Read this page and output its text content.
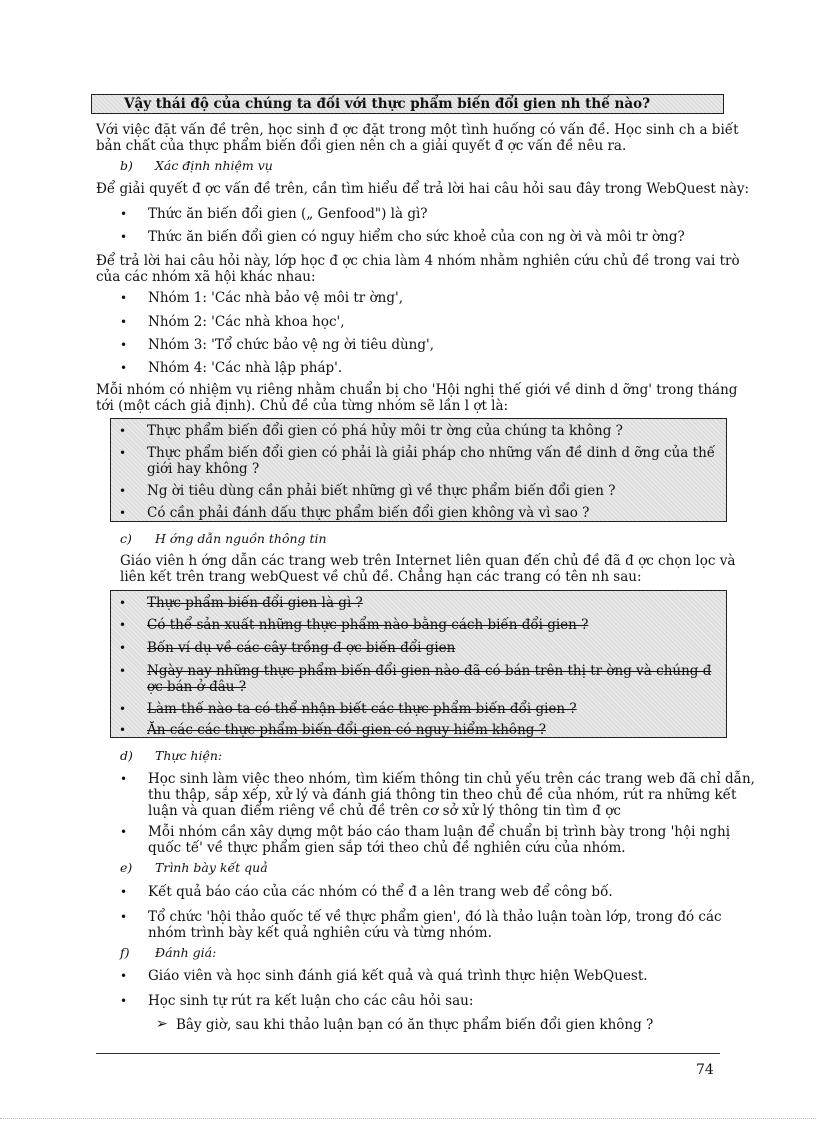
Vậy thái độ của chúng ta đối với thực phẩm biến đổi gien nh thế nào?

Với việc đặt vấn đề trên, học sinh đ ợc đặt trong một tình huống có vấn đề. Học sinh ch a biết
bản chất của thực phẩm biến đổi gien nên ch a giải quyết đ ợc vấn đề nêu ra.

b) Xác định nhiệm vụ

Để giải quyết đ ợc vấn đề trên, cần tìm hiểu để trả lời hai câu hỏi sau đây trong WebQuest này:

• Thức ăn biến đổi gien („ Genfood") là gì?
• Thức ăn biến đổi gien có nguy hiểm cho sức khoẻ của con ng ời và môi tr ờng?

Để trả lời hai câu hỏi này, lớp học đ ợc chia làm 4 nhóm nhằm nghiên cứu chủ đề trong vai trò
của các nhóm xã hội khác nhau:

• Nhóm 1: 'Các nhà bảo vệ môi tr ờng',
• Nhóm 2: 'Các nhà khoa học',
• Nhóm 3: 'Tổ chức bảo vệ ng ời tiêu dùng',
• Nhóm 4: 'Các nhà lập pháp'.

Mỗi nhóm có nhiệm vụ riêng nhằm chuẩn bị cho 'Hội nghị thế giới về dinh d ỡng' trong tháng
tới (một cách giả định). Chủ đề của từng nhóm sẽ lần l ợt là:

• Thực phẩm biến đổi gien có phá hủy môi tr ờng của chúng ta không ?
• Thực phẩm biến đổi gien có phải là giải pháp cho những vấn đề dinh d ỡng của thế giới hay không ?
• Ng ời tiêu dùng cần phải biết những gì về thực phẩm biến đổi gien ?
• Có cần phải đánh dấu thực phẩm biến đổi gien không và vì sao ?
c) H ớng dẫn nguồn thông tin

Giáo viên h ớng dẫn các trang web trên Internet liên quan đến chủ đề đã đ ợc chọn lọc và
liên kết trên trang webQuest về chủ đề. Chẳng hạn các trang có tên nh sau:

• Thực phẩm biến đổi gien là gì ?
• Có thể sản xuất những thực phẩm nào bằng cách biến đổi gien ?
• Bốn ví dụ về các cây trồng đ ợc biến đổi gien
• Ngày nay những thực phẩm biến đổi gien nào đã có bán trên thị tr ờng và chúng đ ợc bán ở đâu ?
• Làm thế nào ta có thể nhận biết các thực phẩm biến đổi gien ?
• Ăn các các thực phẩm biến đổi gien có nguy hiểm không ?
d) Thực hiện:
• Học sinh làm việc theo nhóm, tìm kiếm thông tin chủ yếu trên các trang web đã chỉ dẫn,
thu thập, sắp xếp, xử lý và đánh giá thông tin theo chủ đề của nhóm, rút ra những kết
luận và quan điểm riêng về chủ đề trên cơ sở xử lý thông tin tìm đ ợc
• Mỗi nhóm cần xây dựng một báo cáo tham luận để chuẩn bị trình bày trong 'hội nghị
quốc tế' về thực phẩm gien sắp tới theo chủ đề nghiên cứu của nhóm.
e) Trình bày kết quả
• Kết quả báo cáo của các nhóm có thể đ a lên trang web để công bố.
• Tổ chức 'hội thảo quốc tế về thực phẩm gien', đó là thảo luận toàn lớp, trong đó các
nhóm trình bày kết quả nghiên cứu và từng nhóm.
f) Đánh giá:
• Giáo viên và học sinh đánh giá kết quả và quá trình thực hiện WebQuest.
• Học sinh tự rút ra kết luận cho các câu hỏi sau:
➢ Bây giờ, sau khi thảo luận bạn có ăn thực phẩm biến đổi gien không ?
74
